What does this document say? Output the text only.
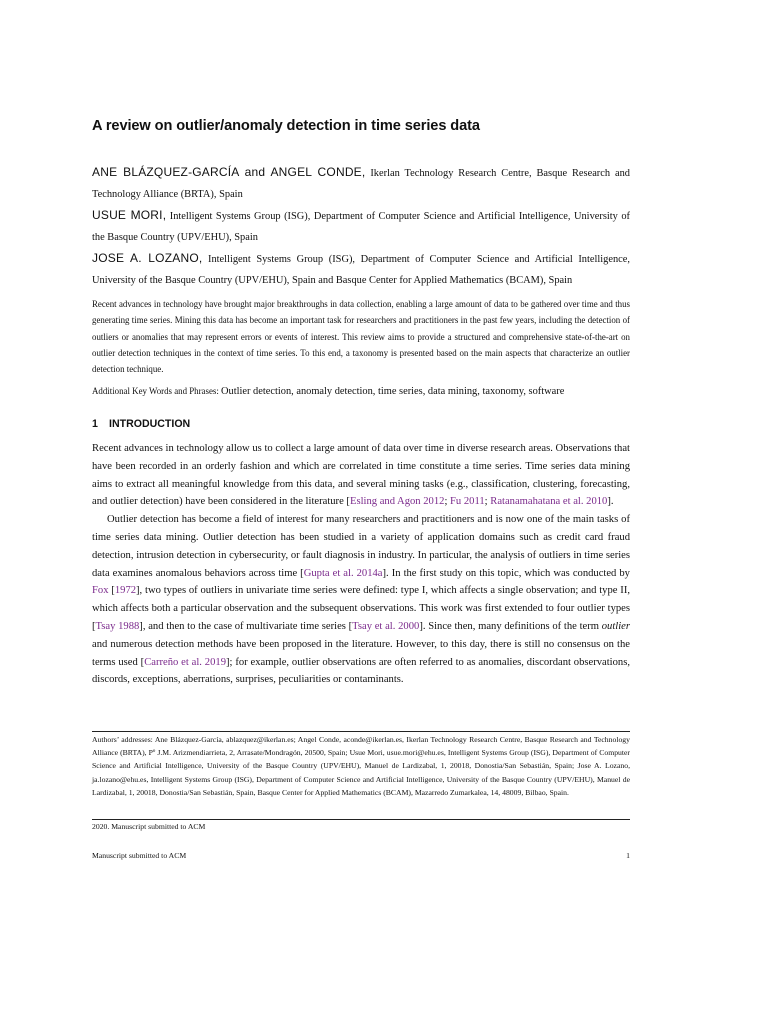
A review on outlier/anomaly detection in time series data
ANE BLÁZQUEZ-GARCÍA and ANGEL CONDE, Ikerlan Technology Research Centre, Basque Research and Technology Alliance (BRTA), Spain
USUE MORI, Intelligent Systems Group (ISG), Department of Computer Science and Artificial Intelligence, University of the Basque Country (UPV/EHU), Spain
JOSE A. LOZANO, Intelligent Systems Group (ISG), Department of Computer Science and Artificial Intelligence, University of the Basque Country (UPV/EHU), Spain and Basque Center for Applied Mathematics (BCAM), Spain
Recent advances in technology have brought major breakthroughs in data collection, enabling a large amount of data to be gathered over time and thus generating time series. Mining this data has become an important task for researchers and practitioners in the past few years, including the detection of outliers or anomalies that may represent errors or events of interest. This review aims to provide a structured and comprehensive state-of-the-art on outlier detection techniques in the context of time series. To this end, a taxonomy is presented based on the main aspects that characterize an outlier detection technique.
Additional Key Words and Phrases: Outlier detection, anomaly detection, time series, data mining, taxonomy, software
1 INTRODUCTION

Recent advances in technology allow us to collect a large amount of data over time in diverse research areas. Observations that have been recorded in an orderly fashion and which are correlated in time constitute a time series. Time series data mining aims to extract all meaningful knowledge from this data, and several mining tasks (e.g., classification, clustering, forecasting, and outlier detection) have been considered in the literature [Esling and Agon 2012; Fu 2011; Ratanamahatana et al. 2010].

Outlier detection has become a field of interest for many researchers and practitioners and is now one of the main tasks of time series data mining. Outlier detection has been studied in a variety of application domains such as credit card fraud detection, intrusion detection in cybersecurity, or fault diagnosis in industry. In particular, the analysis of outliers in time series data examines anomalous behaviors across time [Gupta et al. 2014a]. In the first study on this topic, which was conducted by Fox [1972], two types of outliers in univariate time series were defined: type I, which affects a single observation; and type II, which affects both a particular observation and the subsequent observations. This work was first extended to four outlier types [Tsay 1988], and then to the case of multivariate time series [Tsay et al. 2000]. Since then, many definitions of the term outlier and numerous detection methods have been proposed in the literature. However, to this day, there is still no consensus on the terms used [Carreño et al. 2019]; for example, outlier observations are often referred to as anomalies, discordant observations, discords, exceptions, aberrations, surprises, peculiarities or contaminants.

Authors’ addresses: Ane Blázquez-García, ablazquez@ikerlan.es; Angel Conde, aconde@ikerlan.es, Ikerlan Technology Research Centre, Basque Research and Technology Alliance (BRTA), Pº J.M. Arizmendiarrieta, 2, Arrasate/Mondragón, 20500, Spain; Usue Mori, usue.mori@ehu.es, Intelligent Systems Group (ISG), Department of Computer Science and Artificial Intelligence, University of the Basque Country (UPV/EHU), Manuel de Lardizabal, 1, 20018, Donostia/San Sebastián, Spain; Jose A. Lozano, ja.lozano@ehu.es, Intelligent Systems Group (ISG), Department of Computer Science and Artificial Intelligence, University of the Basque Country (UPV/EHU), Manuel de Lardizabal, 1, 20018, Donostia/San Sebastián, Spain, Basque Center for Applied Mathematics (BCAM), Mazarredo Zumarkalea, 14, 48009, Bilbao, Spain.
2020. Manuscript submitted to ACM
Manuscript submitted to ACM	1
